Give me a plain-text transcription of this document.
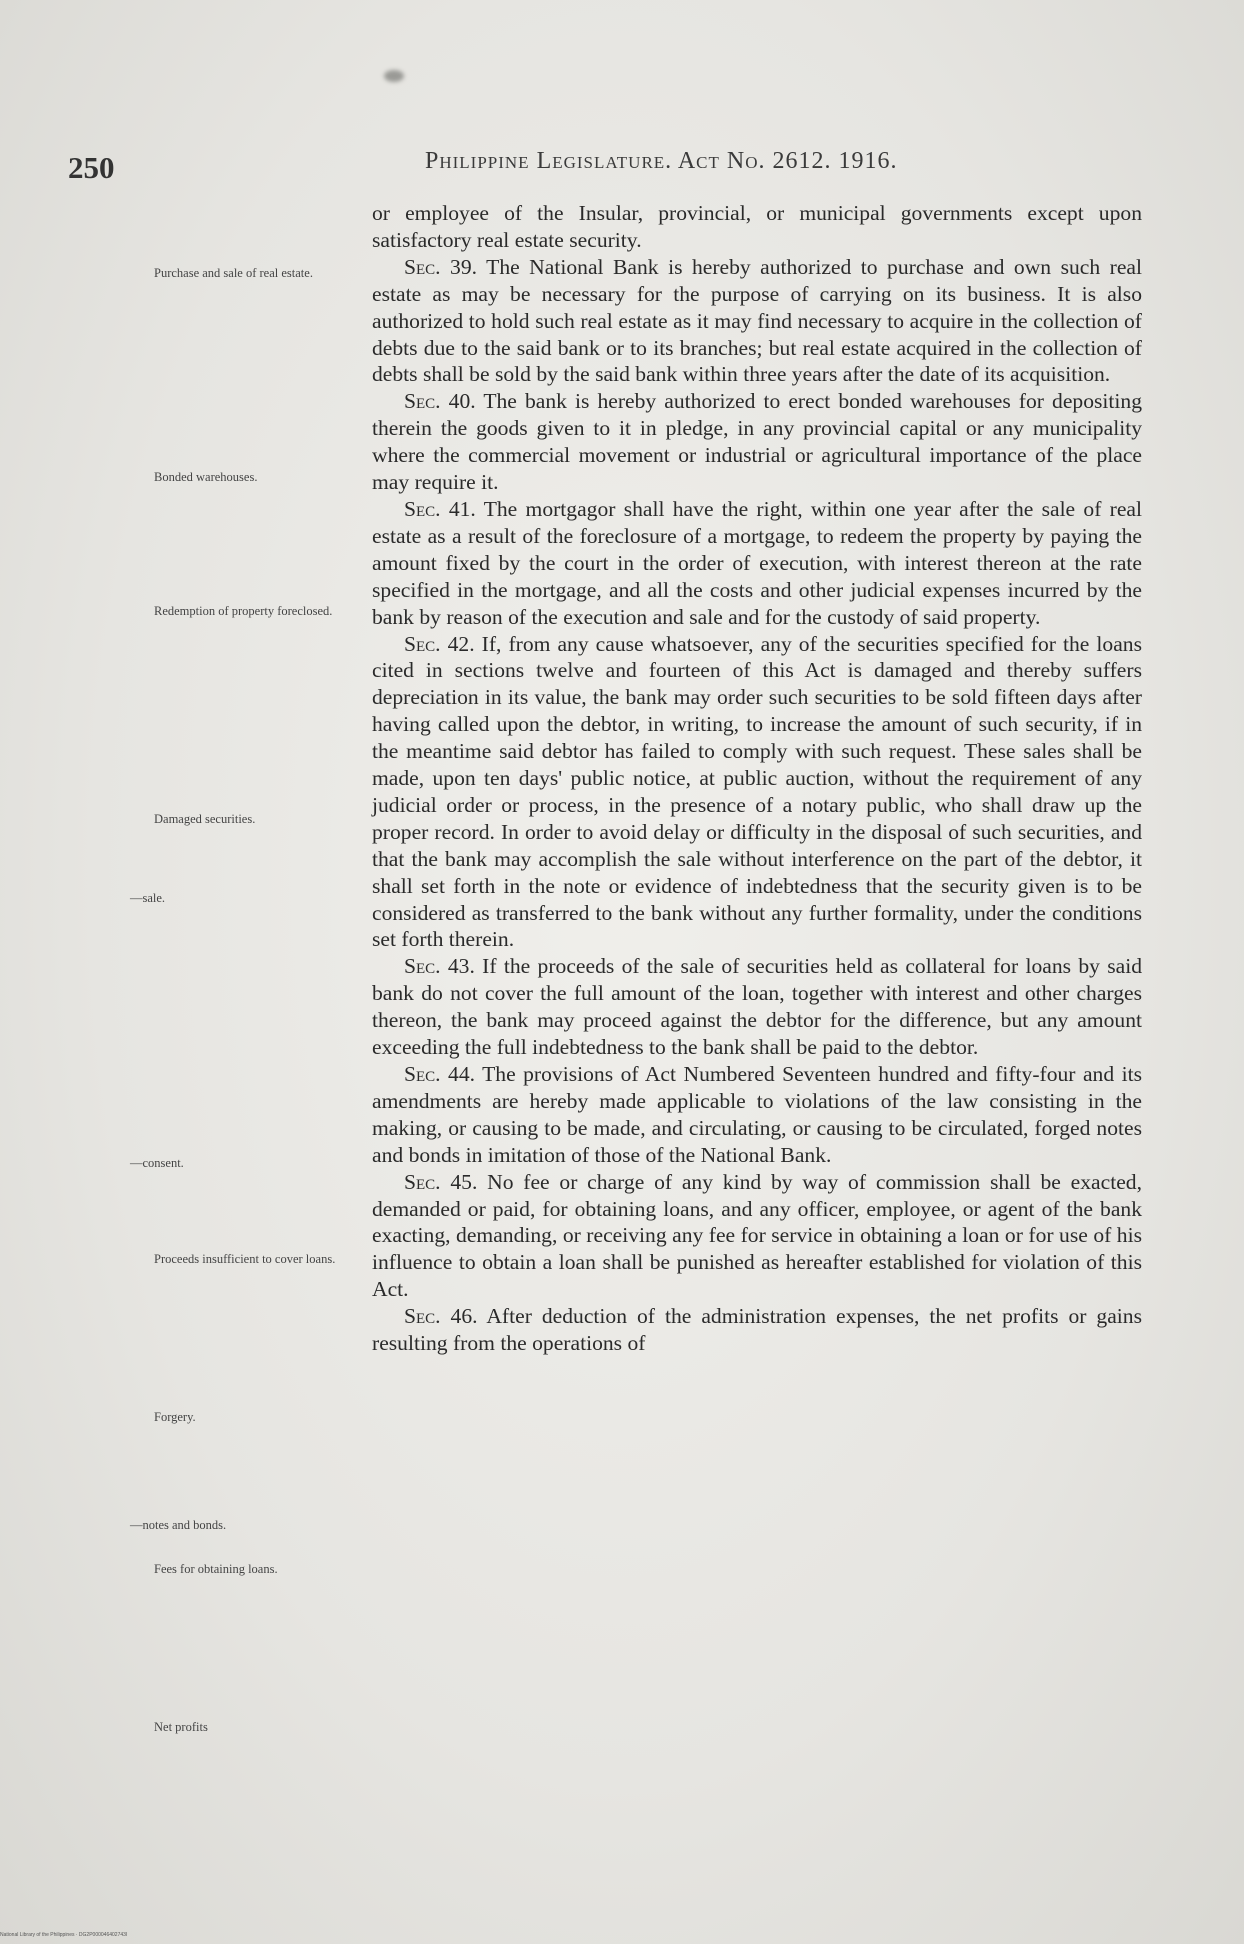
250	Philippine Legislature. Act No. 2612. 1916.
Purchase and sale of real estate.
Bonded warehouses.
Redemption of property foreclosed.
Damaged securities.
—sale.
—consent.
Proceeds insufficient to cover loans.
Forgery.
—notes and bonds.
Fees for obtaining loans.
Net profits

or employee of the Insular, provincial, or municipal governments except upon satisfactory real estate security.

Sec. 39. The National Bank is hereby authorized to purchase and own such real estate as may be necessary for the purpose of carrying on its business. It is also authorized to hold such real estate as it may find necessary to acquire in the collection of debts due to the said bank or to its branches; but real estate acquired in the collection of debts shall be sold by the said bank within three years after the date of its acquisition.

Sec. 40. The bank is hereby authorized to erect bonded warehouses for depositing therein the goods given to it in pledge, in any provincial capital or any municipality where the commercial movement or industrial or agricultural importance of the place may require it.

Sec. 41. The mortgagor shall have the right, within one year after the sale of real estate as a result of the foreclosure of a mortgage, to redeem the property by paying the amount fixed by the court in the order of execution, with interest thereon at the rate specified in the mortgage, and all the costs and other judicial expenses incurred by the bank by reason of the execution and sale and for the custody of said property.

Sec. 42. If, from any cause whatsoever, any of the securities specified for the loans cited in sections twelve and fourteen of this Act is damaged and thereby suffers depreciation in its value, the bank may order such securities to be sold fifteen days after having called upon the debtor, in writing, to increase the amount of such security, if in the meantime said debtor has failed to comply with such request. These sales shall be made, upon ten days' public notice, at public auction, without the requirement of any judicial order or process, in the presence of a notary public, who shall draw up the proper record. In order to avoid delay or difficulty in the disposal of such securities, and that the bank may accomplish the sale without interference on the part of the debtor, it shall set forth in the note or evidence of indebtedness that the security given is to be considered as transferred to the bank without any further formality, under the conditions set forth therein.

Sec. 43. If the proceeds of the sale of securities held as collateral for loans by said bank do not cover the full amount of the loan, together with interest and other charges thereon, the bank may proceed against the debtor for the difference, but any amount exceeding the full indebtedness to the bank shall be paid to the debtor.

Sec. 44. The provisions of Act Numbered Seventeen hundred and fifty-four and its amendments are hereby made applicable to violations of the law consisting in the making, or causing to be made, and circulating, or causing to be circulated, forged notes and bonds in imitation of those of the National Bank.

Sec. 45. No fee or charge of any kind by way of commission shall be exacted, demanded or paid, for obtaining loans, and any officer, employee, or agent of the bank exacting, demanding, or receiving any fee for service in obtaining a loan or for use of his influence to obtain a loan shall be punished as hereafter established for violation of this Act.

Sec. 46. After deduction of the administration expenses, the net profits or gains resulting from the operations of

National Library of the Philippines · DG2P000046402743I
